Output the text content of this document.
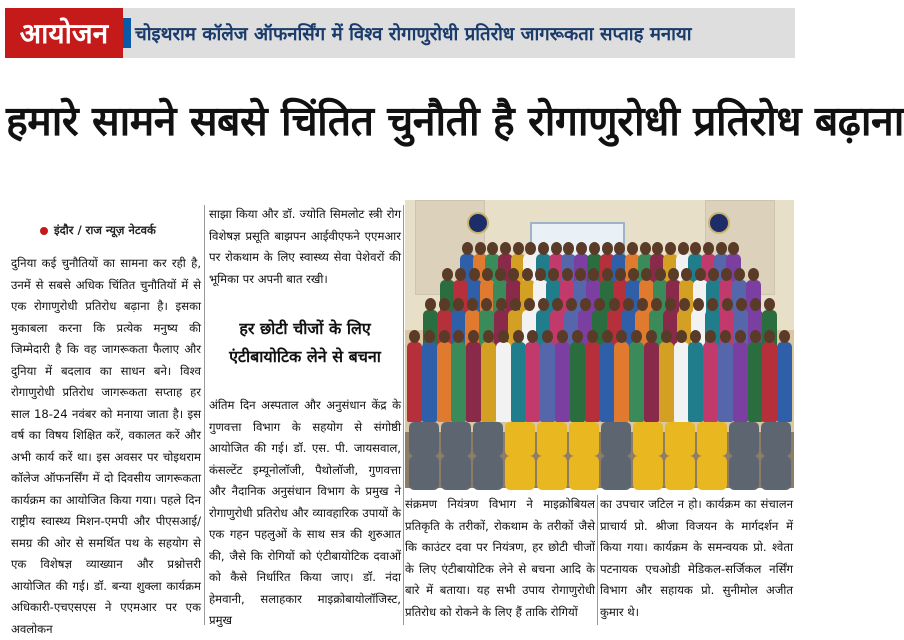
आयोजन	चोइथराम कॉलेज ऑफनर्सिंग में विश्व रोगाणुरोधी प्रतिरोध जागरूकता सप्ताह मनाया
हमारे सामने सबसे चिंतित चुनौती है रोगाणुरोधी प्रतिरोध बढ़ाना
इंदौर / राज न्यूज़ नेटवर्क

दुनिया कई चुनौतियों का सामना कर रही है, उनमें से सबसे अधिक चिंतित चुनौतियों में से एक रोगाणुरोधी प्रतिरोध बढ़ाना है। इसका मुकाबला करना कि प्रत्येक मनुष्य की जिम्मेदारी है कि वह जागरूकता फैलाए और दुनिया में बदलाव का साधन बने। विश्व रोगाणुरोधी प्रतिरोध जागरूकता सप्ताह हर साल 18-24 नवंबर को मनाया जाता है। इस वर्ष का विषय शिक्षित करें, वकालत करें और अभी कार्य करें था। इस अवसर पर चोइथराम कॉलेज ऑफनर्सिंग में दो दिवसीय जागरूकता कार्यक्रम का आयोजित किया गया। पहले दिन राष्ट्रीय स्वास्थ्य मिशन-एमपी और पीएसआई/समग्र की ओर से समर्थित पथ के सहयोग से एक विशेषज्ञ व्याख्यान और प्रश्नोत्तरी आयोजित की गई। डॉ. बन्या शुक्ला कार्यक्रम अधिकारी-एचएसएस ने एएमआर पर एक अवलोकन

साझा किया और डॉ. ज्योति सिमलोट स्त्री रोग विशेषज्ञ प्रसूति बाझपन आईवीएफने एएमआर पर रोकथाम के लिए स्वास्थ्य सेवा पेशेवरों की भूमिका पर अपनी बात रखी।

हर छोटी चीजों के लिए
एंटीबायोटिक लेने से बचना

अंतिम दिन अस्पताल और अनुसंधान केंद्र के गुणवत्ता विभाग के सहयोग से संगोष्ठी आयोजित की गई। डॉ. एस. पी. जायसवाल, कंसल्टेंट इम्यूनोलॉजी, पैथोलॉजी, गुणवत्ता और नैदानिक अनुसंधान विभाग के प्रमुख ने रोगाणुरोधी प्रतिरोध और व्यावहारिक उपायों के एक गहन पहलुओं के साथ सत्र की शुरुआत की, जैसे कि रोगियों को एंटीबायोटिक दवाओं को कैसे निर्धारित किया जाए। डॉ. नंदा हेमवानी, सलाहकार माइक्रोबायोलॉजिस्ट, प्रमुख

संक्रमण नियंत्रण विभाग ने माइक्रोबियल प्रतिकृति के तरीकों, रोकथाम के तरीकों जैसे कि काउंटर दवा पर नियंत्रण, हर छोटी चीजों के लिए एंटीबायोटिक लेने से बचना आदि के बारे में बताया। यह सभी उपाय रोगाणुरोधी प्रतिरोध को रोकने के लिए हैं ताकि रोगियों

का उपचार जटिल न हो। कार्यक्रम का संचालन प्राचार्य प्रो. श्रीजा विजयन के मार्गदर्शन में किया गया। कार्यक्रम के समन्वयक प्रो. श्वेता पटनायक एचओडी मेडिकल-सर्जिकल नर्सिंग विभाग और सहायक प्रो. सुनीमोल अजीत कुमार थे।
